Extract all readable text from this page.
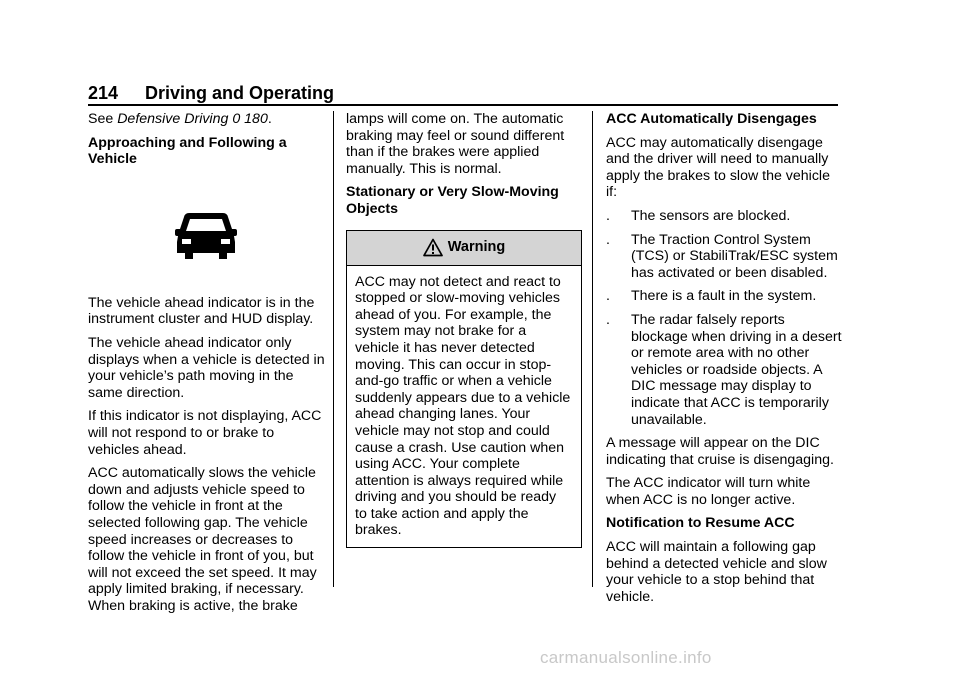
214 Driving and Operating

See Defensive Driving 0 180.

Approaching and Following a Vehicle

The vehicle ahead indicator is in the instrument cluster and HUD display.

The vehicle ahead indicator only displays when a vehicle is detected in your vehicle’s path moving in the same direction.

If this indicator is not displaying, ACC will not respond to or brake to vehicles ahead.

ACC automatically slows the vehicle down and adjusts vehicle speed to follow the vehicle in front at the selected following gap. The vehicle speed increases or decreases to follow the vehicle in front of you, but will not exceed the set speed. It may apply limited braking, if necessary. When braking is active, the brake

lamps will come on. The automatic braking may feel or sound different than if the brakes were applied manually. This is normal.

Stationary or Very Slow-Moving Objects

Warning
ACC may not detect and react to stopped or slow-moving vehicles ahead of you. For example, the system may not brake for a vehicle it has never detected moving. This can occur in stop-and-go traffic or when a vehicle suddenly appears due to a vehicle ahead changing lanes. Your vehicle may not stop and could cause a crash. Use caution when using ACC. Your complete attention is always required while driving and you should be ready to take action and apply the brakes.

ACC Automatically Disengages

ACC may automatically disengage and the driver will need to manually apply the brakes to slow the vehicle if:

. The sensors are blocked.
. The Traction Control System (TCS) or StabiliTrak/ESC system has activated or been disabled.
. There is a fault in the system.
. The radar falsely reports blockage when driving in a desert or remote area with no other vehicles or roadside objects. A DIC message may display to indicate that ACC is temporarily unavailable.

A message will appear on the DIC indicating that cruise is disengaging.

The ACC indicator will turn white when ACC is no longer active.

Notification to Resume ACC

ACC will maintain a following gap behind a detected vehicle and slow your vehicle to a stop behind that vehicle.

carmanualsonline.info
